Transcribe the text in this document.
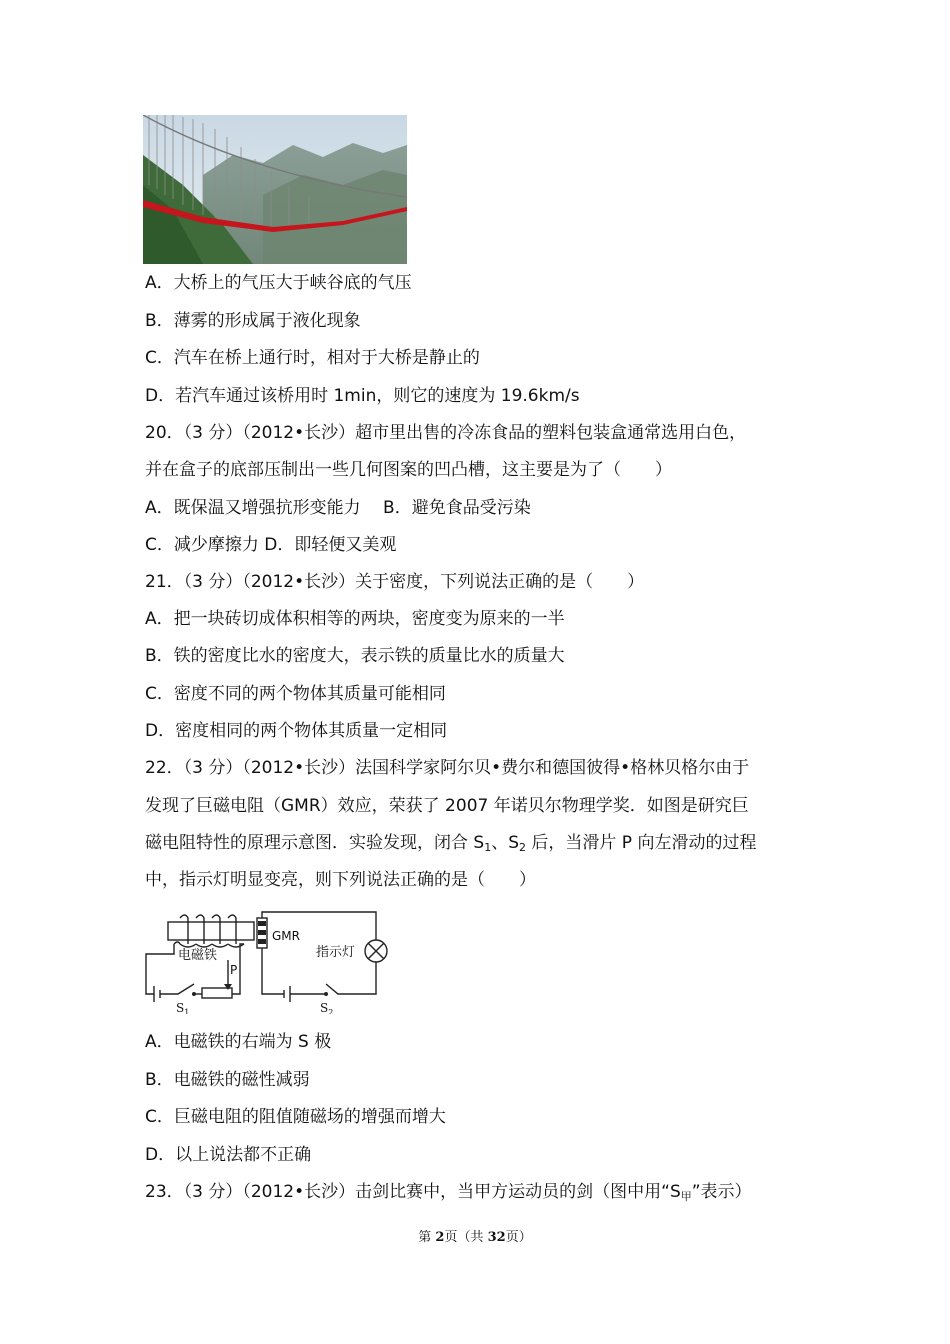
A．大桥上的气压大于峡谷底的气压
B．薄雾的形成属于液化现象
C．汽车在桥上通行时，相对于大桥是静止的
D．若汽车通过该桥用时 1min，则它的速度为 19.6km/s
20．（3 分）（2012•长沙）超市里出售的冷冻食品的塑料包装盒通常选用白色，
并在盒子的底部压制出一些几何图案的凹凸槽，这主要是为了（　　）
A．既保温又增强抗形变能力　 B．避免食品受污染
C．减少摩擦力 D．即轻便又美观
21．（3 分）（2012•长沙）关于密度，下列说法正确的是（　　）
A．把一块砖切成体积相等的两块，密度变为原来的一半
B．铁的密度比水的密度大，表示铁的质量比水的质量大
C．密度不同的两个物体其质量可能相同
D．密度相同的两个物体其质量一定相同
22．（3 分）（2012•长沙）法国科学家阿尔贝•费尔和德国彼得•格林贝格尔由于
发现了巨磁电阻（GMR）效应，荣获了 2007 年诺贝尔物理学奖．如图是研究巨
磁电阻特性的原理示意图．实验发现，闭合 $S_1$、$S_2$ 后，当滑片 P 向左滑动的过程
中，指示灯明显变亮，则下列说法正确的是（　　）
电磁铁
P
$S_1$
GMR
指示灯
$S_2$
A．电磁铁的右端为 S 极
B．电磁铁的磁性减弱
C．巨磁电阻的阻值随磁场的增强而增大
D．以上说法都不正确
23．（3 分）（2012•长沙）击剑比赛中，当甲方运动员的剑（图中用“$S_甲$”表示）
第 2页（共 32页）
